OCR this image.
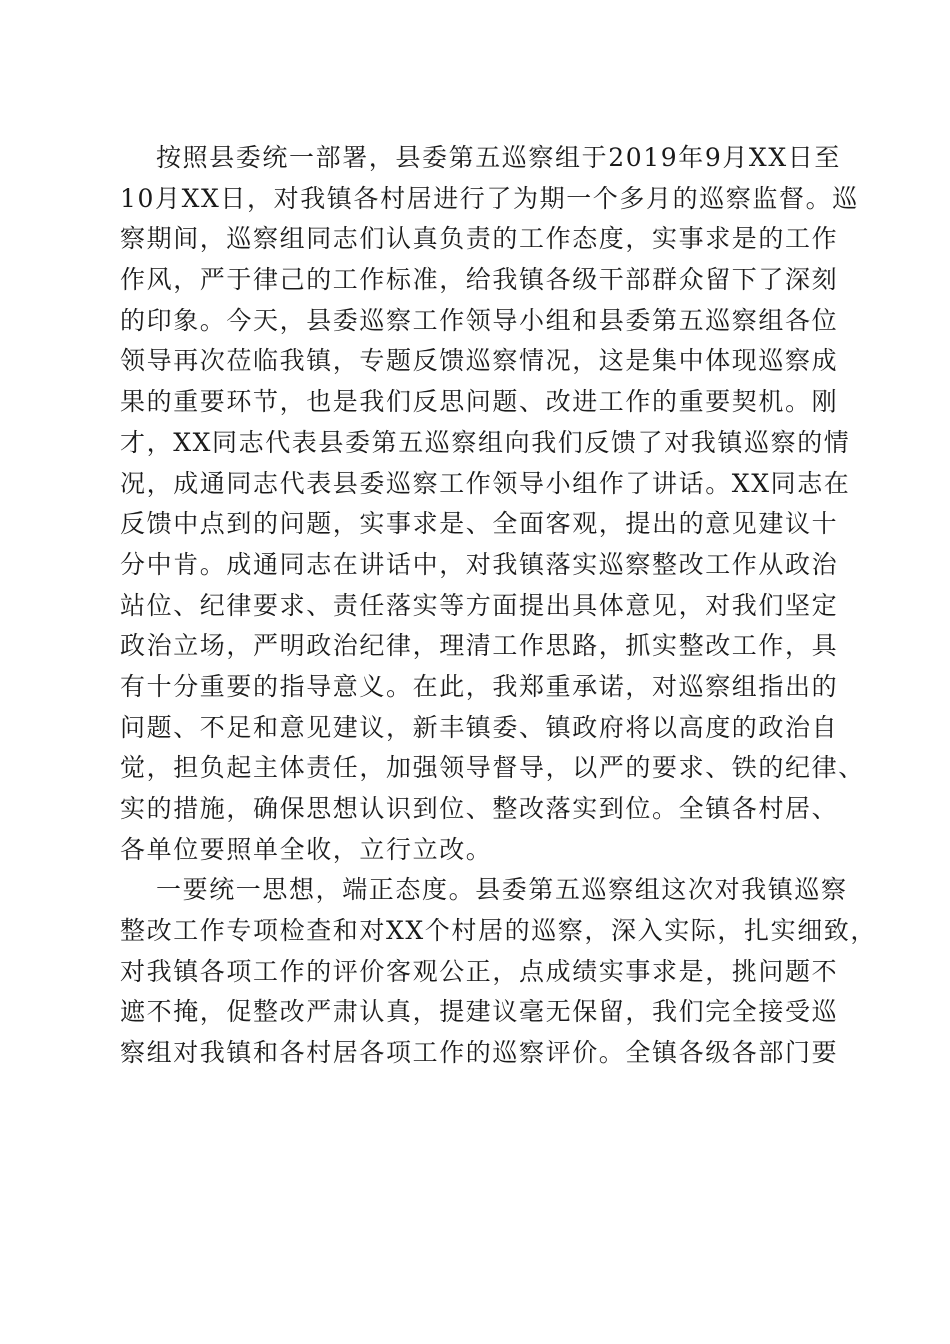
按照县委统一部署，县委第五巡察组于2019年9月XX日至
10月XX日，对我镇各村居进行了为期一个多月的巡察监督。巡
察期间，巡察组同志们认真负责的工作态度，实事求是的工作
作风，严于律己的工作标准，给我镇各级干部群众留下了深刻
的印象。今天，县委巡察工作领导小组和县委第五巡察组各位
领导再次莅临我镇，专题反馈巡察情况，这是集中体现巡察成
果的重要环节，也是我们反思问题、改进工作的重要契机。刚
才，XX同志代表县委第五巡察组向我们反馈了对我镇巡察的情
况，成通同志代表县委巡察工作领导小组作了讲话。XX同志在
反馈中点到的问题，实事求是、全面客观，提出的意见建议十
分中肯。成通同志在讲话中，对我镇落实巡察整改工作从政治
站位、纪律要求、责任落实等方面提出具体意见，对我们坚定
政治立场，严明政治纪律，理清工作思路，抓实整改工作，具
有十分重要的指导意义。在此，我郑重承诺，对巡察组指出的
问题、不足和意见建议，新丰镇委、镇政府将以高度的政治自
觉，担负起主体责任，加强领导督导，以严的要求、铁的纪律、
实的措施，确保思想认识到位、整改落实到位。全镇各村居、
各单位要照单全收，立行立改。
一要统一思想，端正态度。县委第五巡察组这次对我镇巡察
整改工作专项检查和对XX个村居的巡察，深入实际，扎实细致，
对我镇各项工作的评价客观公正，点成绩实事求是，挑问题不
遮不掩，促整改严肃认真，提建议毫无保留，我们完全接受巡
察组对我镇和各村居各项工作的巡察评价。全镇各级各部门要
